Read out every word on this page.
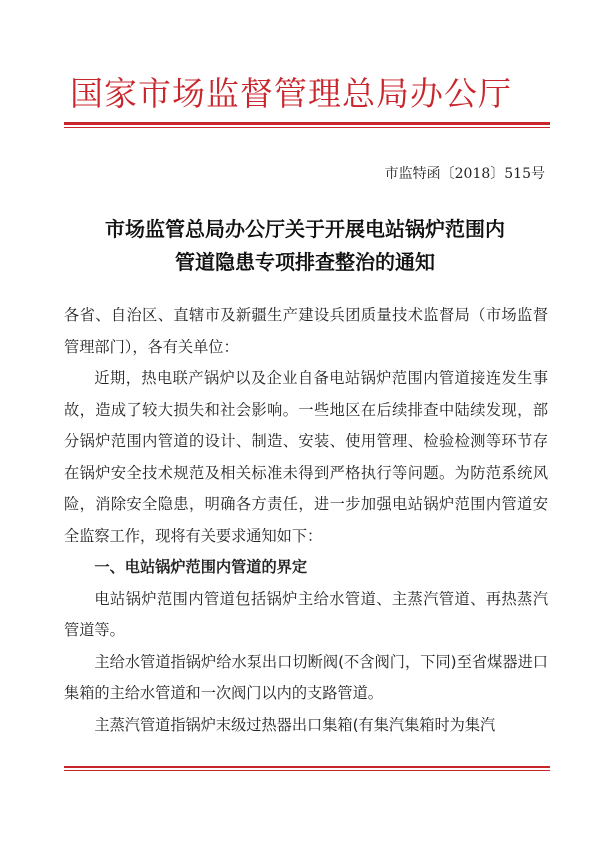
国家市场监督管理总局办公厅
市监特函〔2018〕515号
市场监管总局办公厅关于开展电站锅炉范围内
管道隐患专项排查整治的通知

各省、自治区、直辖市及新疆生产建设兵团质量技术监督局（市场监督管理部门），各有关单位：

近期，热电联产锅炉以及企业自备电站锅炉范围内管道接连发生事故，造成了较大损失和社会影响。一些地区在后续排查中陆续发现，部分锅炉范围内管道的设计、制造、安装、使用管理、检验检测等环节存在锅炉安全技术规范及相关标准未得到严格执行等问题。为防范系统风险，消除安全隐患，明确各方责任，进一步加强电站锅炉范围内管道安全监察工作，现将有关要求通知如下：

一、电站锅炉范围内管道的界定

电站锅炉范围内管道包括锅炉主给水管道、主蒸汽管道、再热蒸汽管道等。

主给水管道指锅炉给水泵出口切断阀(不含阀门，下同)至省煤器进口集箱的主给水管道和一次阀门以内的支路管道。

主蒸汽管道指锅炉末级过热器出口集箱(有集汽集箱时为集汽
